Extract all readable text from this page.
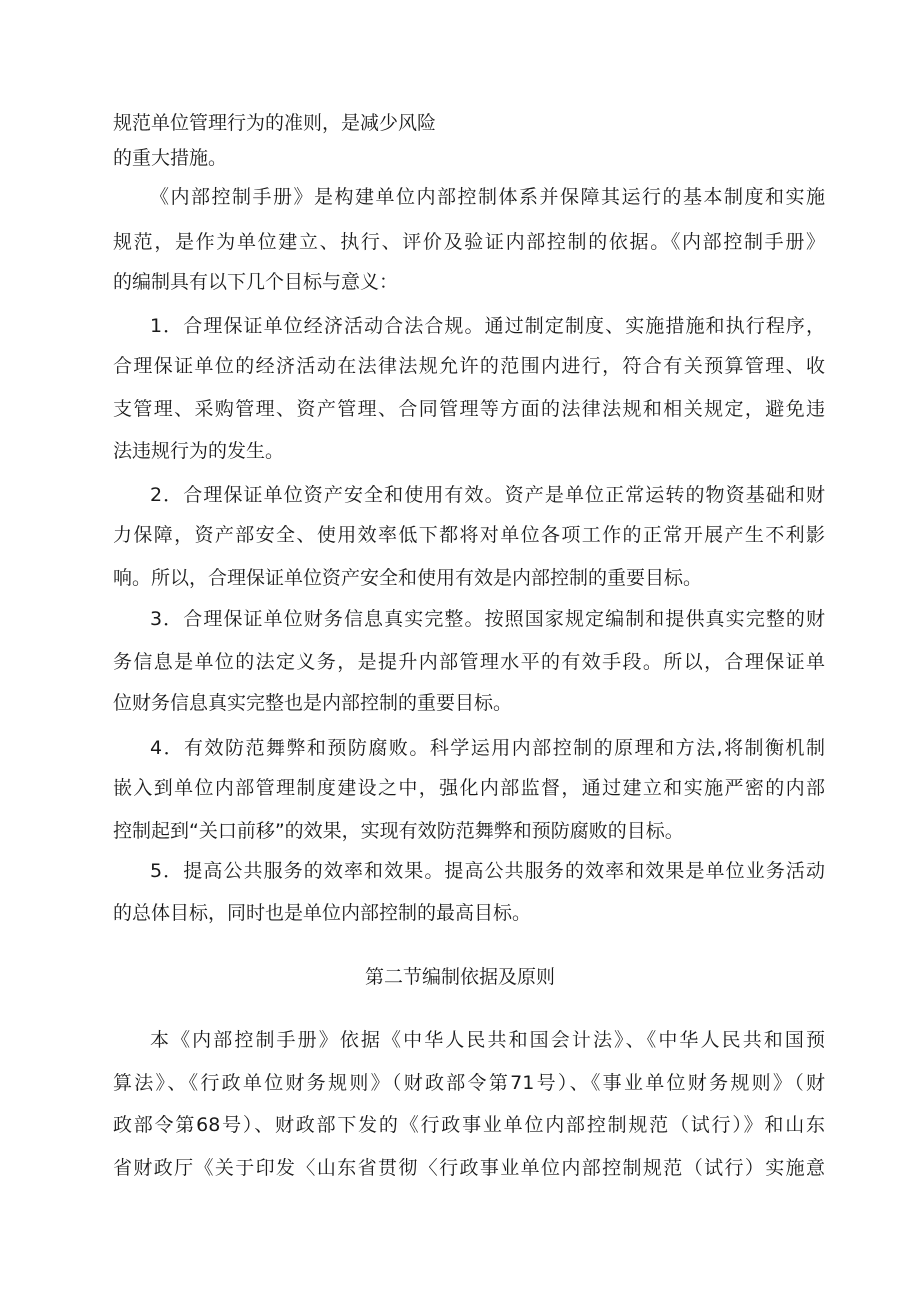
规范单位管理行为的准则，是减少风险
的重大措施。
《内部控制手册》是构建单位内部控制体系并保障其运行的基本制度和实施
规范，是作为单位建立、执行、评价及验证内部控制的依据。《内部控制手册》
的编制具有以下几个目标与意义：
1．合理保证单位经济活动合法合规。通过制定制度、实施措施和执行程序，
合理保证单位的经济活动在法律法规允许的范围内进行，符合有关预算管理、收
支管理、采购管理、资产管理、合同管理等方面的法律法规和相关规定，避免违
法违规行为的发生。
2．合理保证单位资产安全和使用有效。资产是单位正常运转的物资基础和财
力保障，资产部安全、使用效率低下都将对单位各项工作的正常开展产生不利影
响。所以，合理保证单位资产安全和使用有效是内部控制的重要目标。
3．合理保证单位财务信息真实完整。按照国家规定编制和提供真实完整的财
务信息是单位的法定义务，是提升内部管理水平的有效手段。所以，合理保证单
位财务信息真实完整也是内部控制的重要目标。
4．有效防范舞弊和预防腐败。科学运用内部控制的原理和方法,将制衡机制
嵌入到单位内部管理制度建设之中，强化内部监督，通过建立和实施严密的内部
控制起到“关口前移”的效果，实现有效防范舞弊和预防腐败的目标。
5．提高公共服务的效率和效果。提高公共服务的效率和效果是单位业务活动
的总体目标，同时也是单位内部控制的最高目标。
第二节编制依据及原则
本《内部控制手册》依据《中华人民共和国会计法》、《中华人民共和国预
算法》、《行政单位财务规则》（财政部令第71号）、《事业单位财务规则》（财
政部令第68号）、财政部下发的《行政事业单位内部控制规范（试行）》和山东
省财政厅《关于印发〈山东省贯彻〈行政事业单位内部控制规范（试行）实施意
